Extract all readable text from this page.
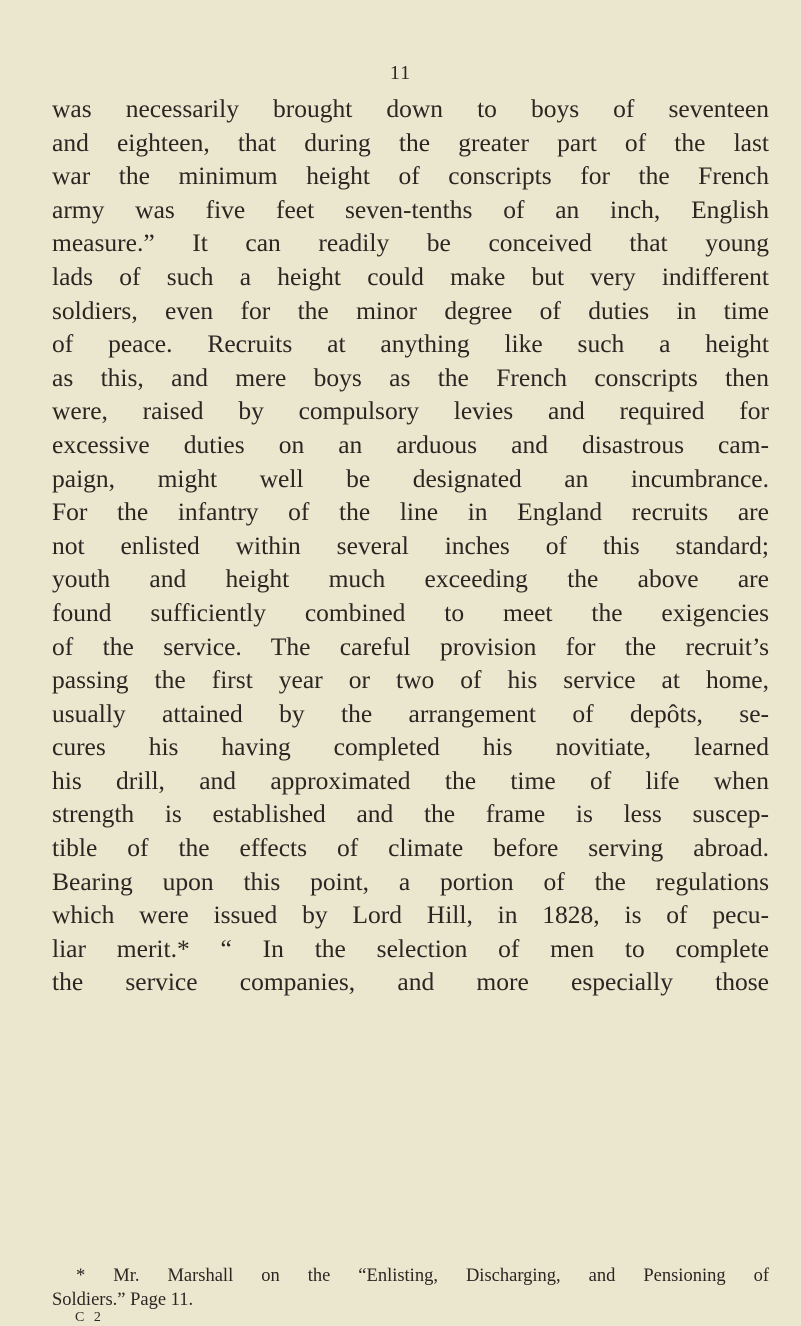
11
was necessarily brought down to boys of seventeen
and eighteen, that during the greater part of the last
war the minimum height of conscripts for the French
army was five feet seven-tenths of an inch, English
measure.” It can readily be conceived that young
lads of such a height could make but very indifferent
soldiers, even for the minor degree of duties in time
of peace. Recruits at anything like such a height
as this, and mere boys as the French conscripts then
were, raised by compulsory levies and required for
excessive duties on an arduous and disastrous cam-
paign, might well be designated an incumbrance.
For the infantry of the line in England recruits are
not enlisted within several inches of this standard;
youth and height much exceeding the above are
found sufficiently combined to meet the exigencies
of the service. The careful provision for the recruit’s
passing the first year or two of his service at home,
usually attained by the arrangement of depôts, se-
cures his having completed his novitiate, learned
his drill, and approximated the time of life when
strength is established and the frame is less suscep-
tible of the effects of climate before serving abroad.
Bearing upon this point, a portion of the regulations
which were issued by Lord Hill, in 1828, is of pecu-
liar merit.* “ In the selection of men to complete
the service companies, and more especially those
* Mr. Marshall on the “Enlisting, Discharging, and Pensioning of
Soldiers.” Page 11.
C 2
